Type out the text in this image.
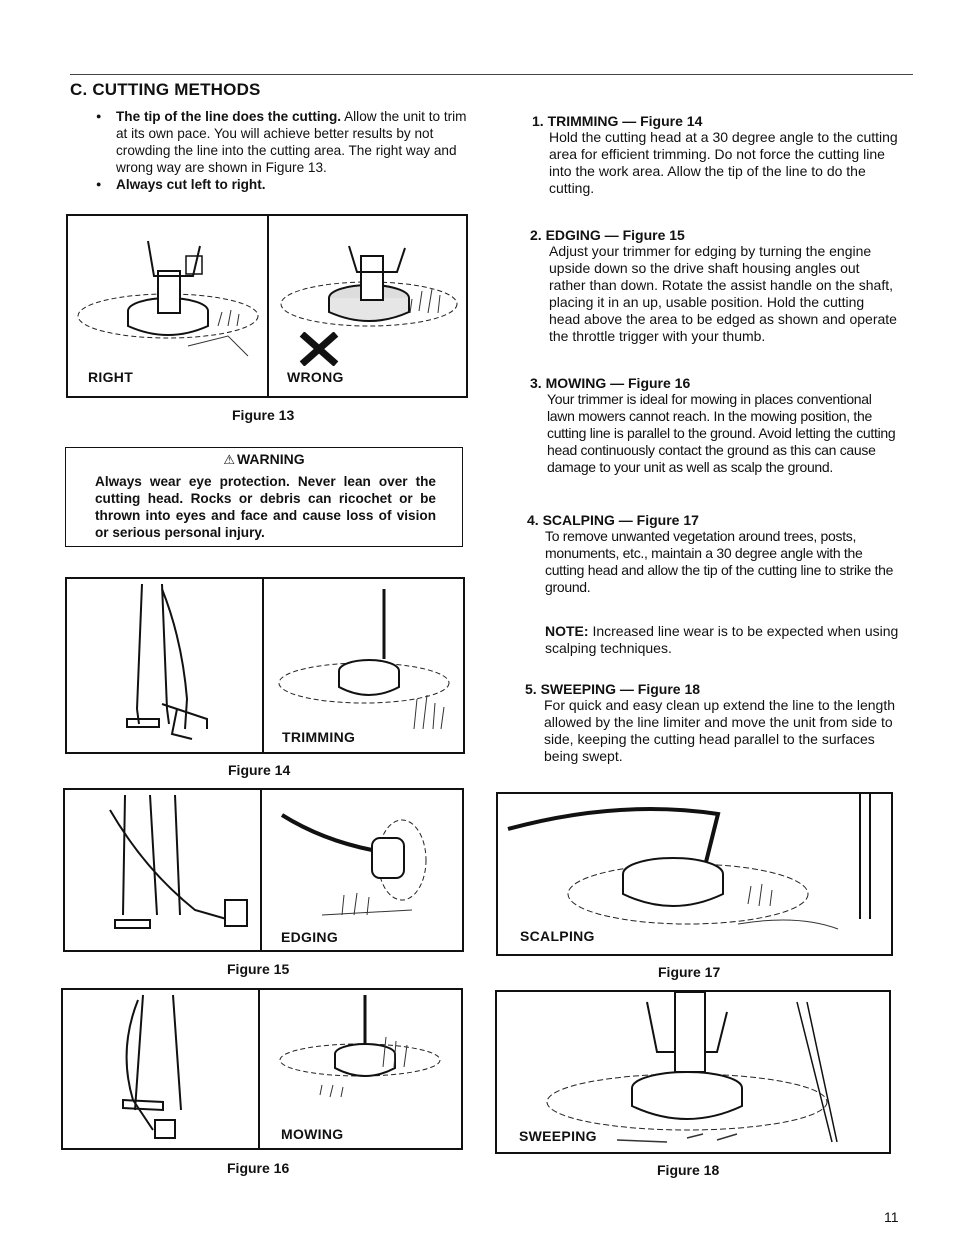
C. CUTTING METHODS
● The tip of the line does the cutting. Allow the unit to trim at its own pace. You will achieve better results by not crowding the line into the cutting area. The right way and wrong way are shown in Figure 13.
● Always cut left to right.
RIGHT	WRONG
Figure 13
⚠ WARNING
Always wear eye protection. Never lean over the cutting head. Rocks or debris can ricochet or be thrown into eyes and face and cause loss of vision or serious personal injury.
TRIMMING
Figure 14
EDGING
Figure 15
MOWING
Figure 16

1. TRIMMING — Figure 14

Hold the cutting head at a 30 degree angle to the cutting area for efficient trimming. Do not force the cutting line into the work area. Allow the tip of the line to do the cutting.

2. EDGING — Figure 15

Adjust your trimmer for edging by turning the engine upside down so the drive shaft housing angles out rather than down. Rotate the assist handle on the shaft, placing it in an up, usable position. Hold the cutting head above the area to be edged as shown and operate the throttle trigger with your thumb.

3. MOWING — Figure 16

Your trimmer is ideal for mowing in places conventional lawn mowers cannot reach. In the mowing position, the cutting line is parallel to the ground. Avoid letting the cutting head continuously contact the ground as this can cause damage to your unit as well as scalp the ground.

4. SCALPING — Figure 17

To remove unwanted vegetation around trees, posts, monuments, etc., maintain a 30 degree angle with the cutting head and allow the tip of the cutting line to strike the ground.

NOTE: Increased line wear is to be expected when using scalping techniques.

5. SWEEPING — Figure 18

For quick and easy clean up extend the line to the length allowed by the line limiter and move the unit from side to side, keeping the cutting head parallel to the surfaces being swept.

SCALPING
Figure 17
SWEEPING
Figure 18
11
